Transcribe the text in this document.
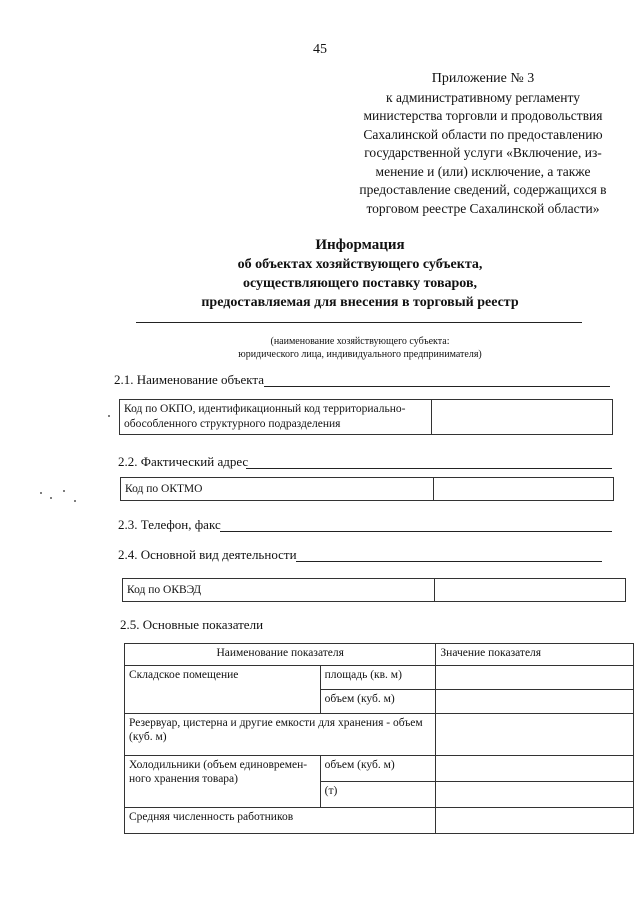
45
Приложение № 3
к административному регламенту
министерства торговли и продовольствия
Сахалинской области по предоставлению
государственной услуги «Включение, из-
менение и (или) исключение, а также
предоставление сведений, содержащихся в
торговом реестре Сахалинской области»
Информация
об объектах хозяйствующего субъекта,
осуществляющего поставку товаров,
предоставляемая для внесения в торговый реестр
(наименование хозяйствующего субъекта:
юридического лица, индивидуального предпринимателя)
2.1. Наименование объекта
Код по ОКПО, идентификационный код территориально-обособленного структурного подразделения
2.2. Фактический адрес
Код по ОКТМО
2.3. Телефон, факс
2.4. Основной вид деятельности
Код по ОКВЭД
2.5. Основные показатели
Наименование показателя		Значение показателя
Складское помещение	площадь (кв. м)	
	объем (куб. м)	
Резервуар, цистерна и другие емкости для хранения - объем (куб. м)		
Холодильники (объем единовремен-ного хранения товара)	объем (куб. м)	
	(т)	
Средняя численность работников		
